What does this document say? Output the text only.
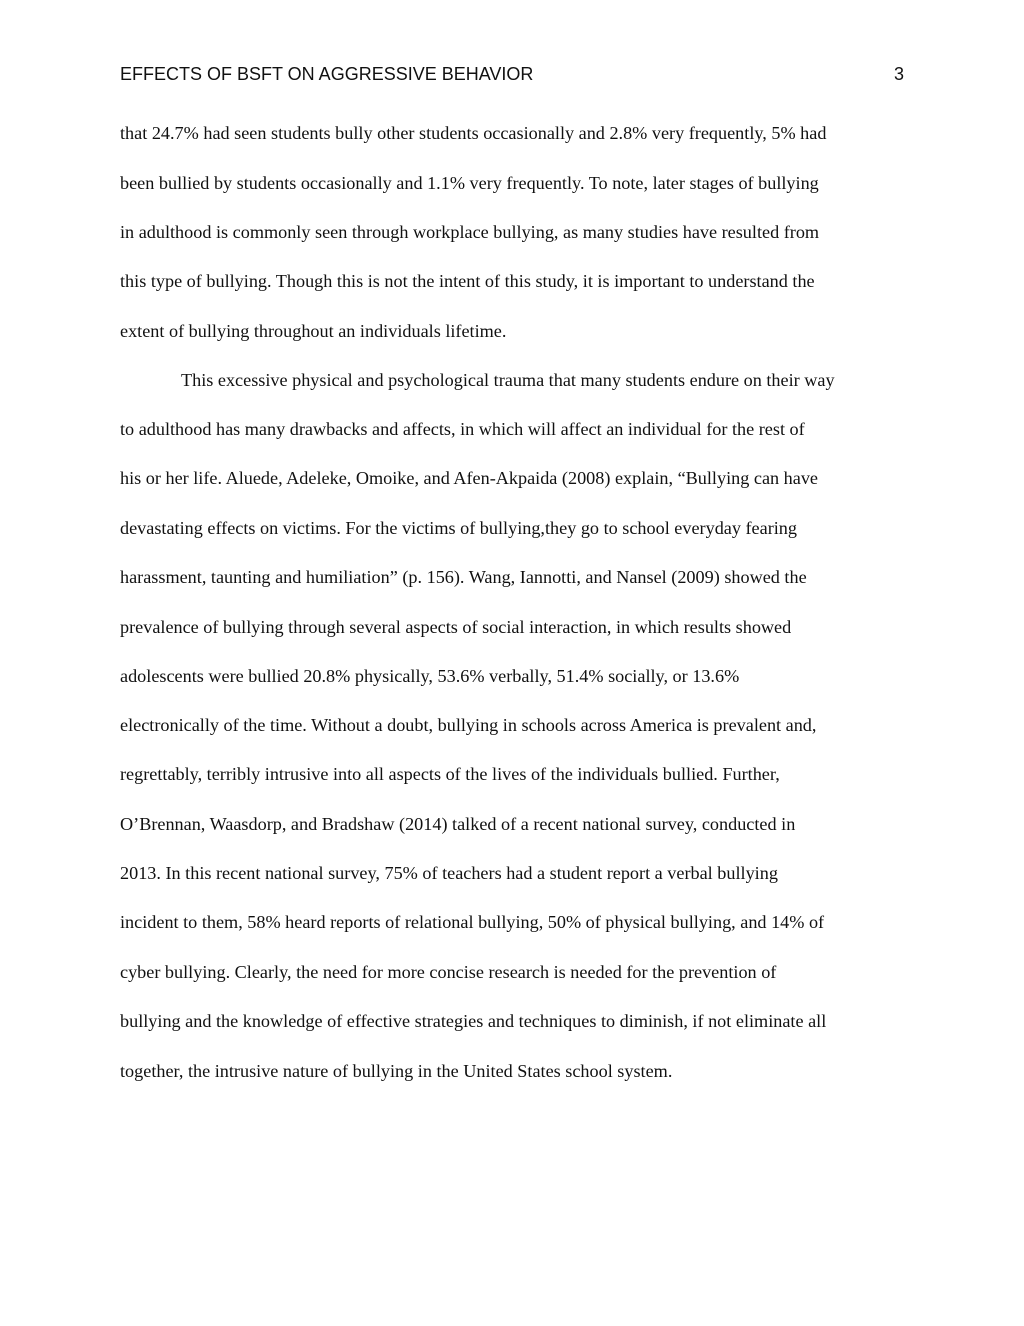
EFFECTS OF BSFT ON AGGRESSIVE BEHAVIOR	3
that 24.7% had seen students bully other students occasionally and 2.8% very frequently, 5% had
been bullied by students occasionally and 1.1% very frequently. To note, later stages of bullying
in adulthood is commonly seen through workplace bullying, as many studies have resulted from
this type of bullying. Though this is not the intent of this study, it is important to understand the
extent of bullying throughout an individuals lifetime.
This excessive physical and psychological trauma that many students endure on their way
to adulthood has many drawbacks and affects, in which will affect an individual for the rest of
his or her life. Aluede, Adeleke, Omoike, and Afen-Akpaida (2008) explain, “Bullying can have
devastating effects on victims. For the victims of bullying,they go to school everyday fearing
harassment, taunting and humiliation” (p. 156). Wang, Iannotti, and Nansel (2009) showed the
prevalence of bullying through several aspects of social interaction, in which results showed
adolescents were bullied 20.8% physically, 53.6% verbally, 51.4% socially, or 13.6%
electronically of the time. Without a doubt, bullying in schools across America is prevalent and,
regrettably, terribly intrusive into all aspects of the lives of the individuals bullied. Further,
O’Brennan, Waasdorp, and Bradshaw (2014) talked of a recent national survey, conducted in
2013. In this recent national survey, 75% of teachers had a student report a verbal bullying
incident to them, 58% heard reports of relational bullying, 50% of physical bullying, and 14% of
cyber bullying. Clearly, the need for more concise research is needed for the prevention of
bullying and the knowledge of effective strategies and techniques to diminish, if not eliminate all
together, the intrusive nature of bullying in the United States school system.
